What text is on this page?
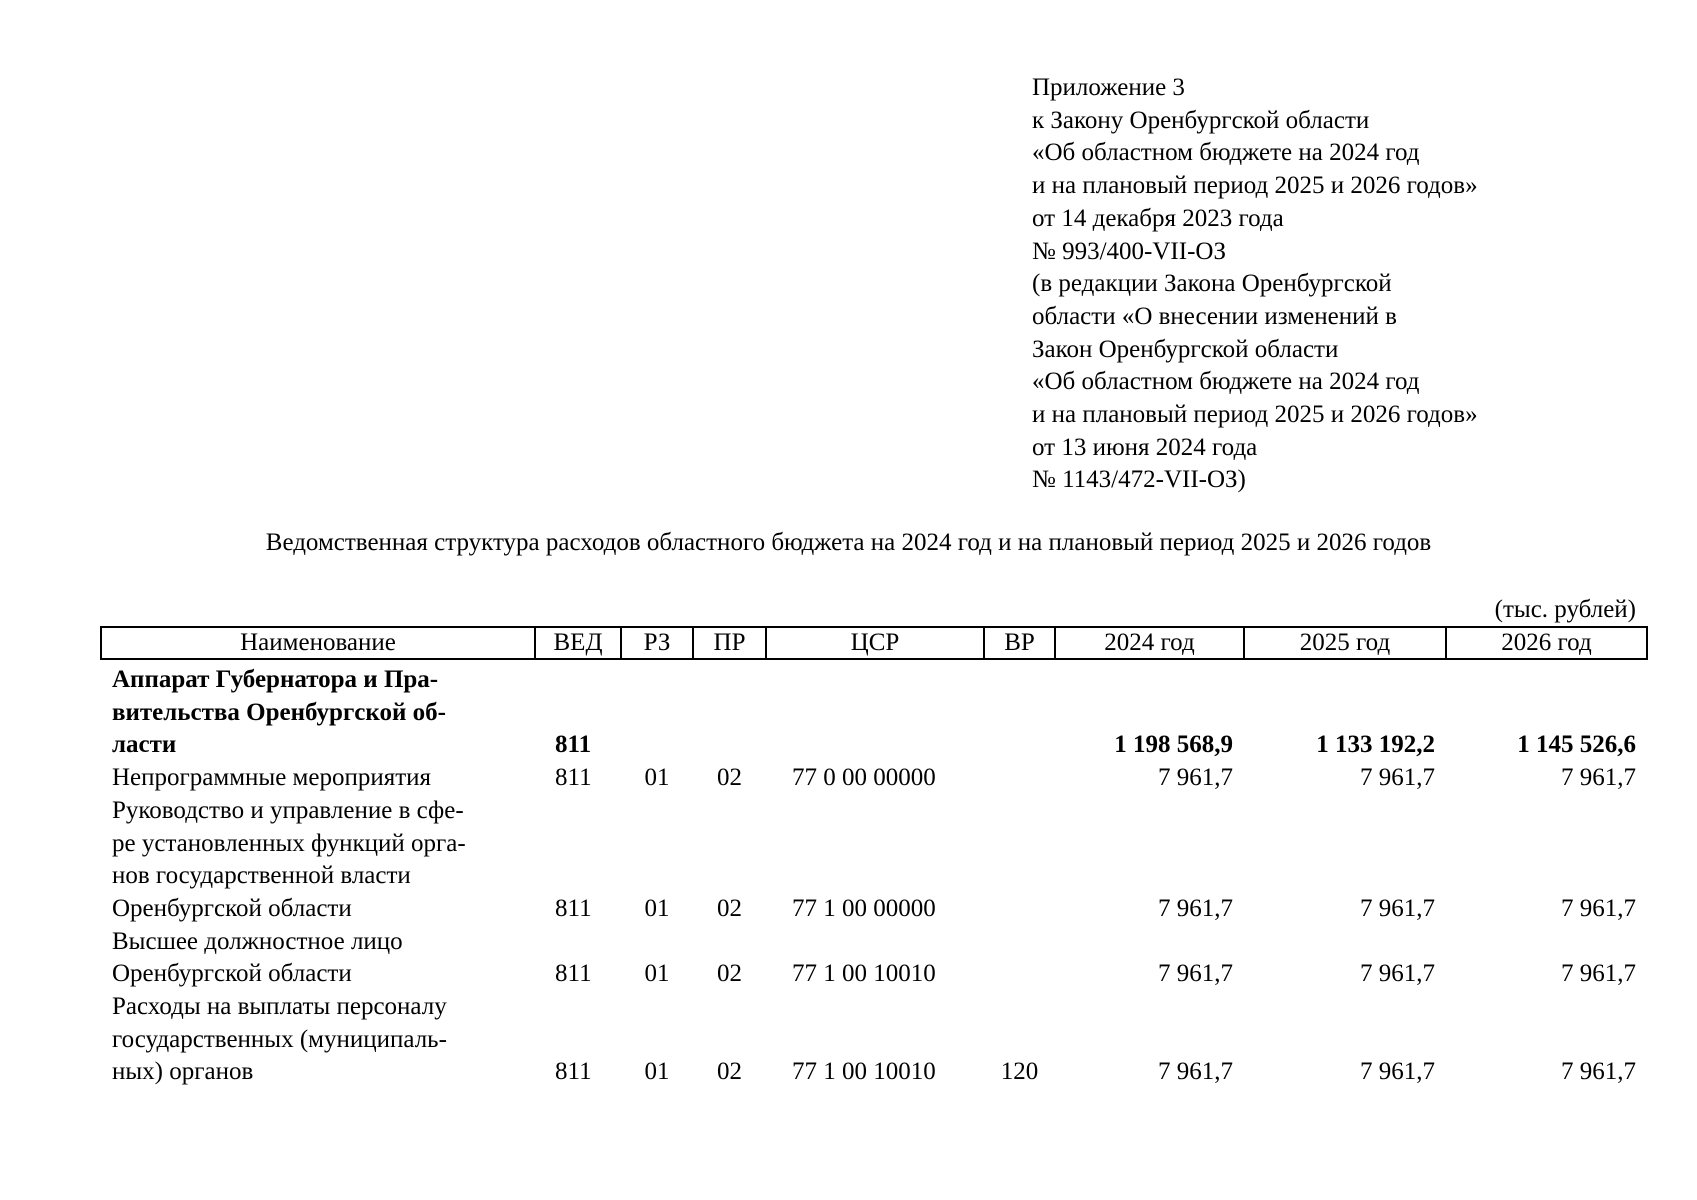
Приложение 3
к Закону Оренбургской области
«Об областном бюджете на 2024 год
и на плановый период 2025 и 2026 годов»
от 14 декабря 2023 года
№ 993/400-VII-ОЗ
(в редакции Закона Оренбургской
области «О внесении изменений в
Закон Оренбургской области
«Об областном бюджете на 2024 год
и на плановый период 2025 и 2026 годов»
от 13 июня 2024 года
№ 1143/472-VII-ОЗ)
Ведомственная структура расходов областного бюджета на 2024 год и на плановый период 2025 и 2026 годов
(тыс. рублей)
Наименование	ВЕД	РЗ	ПР	ЦСР	ВР	2024 год	2025 год	2026 год

Аппарат Губернатора и Пра-
вительства Оренбургской об-
ласти	811					1 198 568,9	1 133 192,2	1 145 526,6

Непрограммные мероприятия	811	01	02	77 0 00 00000		7 961,7	7 961,7	7 961,7

Руководство и управление в сфе-
ре установленных функций орга-
нов государственной власти
Оренбургской области	811	01	02	77 1 00 00000		7 961,7	7 961,7	7 961,7

Высшее должностное лицо
Оренбургской области	811	01	02	77 1 00 10010		7 961,7	7 961,7	7 961,7

Расходы на выплаты персоналу
государственных (муниципаль-
ных) органов	811	01	02	77 1 00 10010	120	7 961,7	7 961,7	7 961,7
